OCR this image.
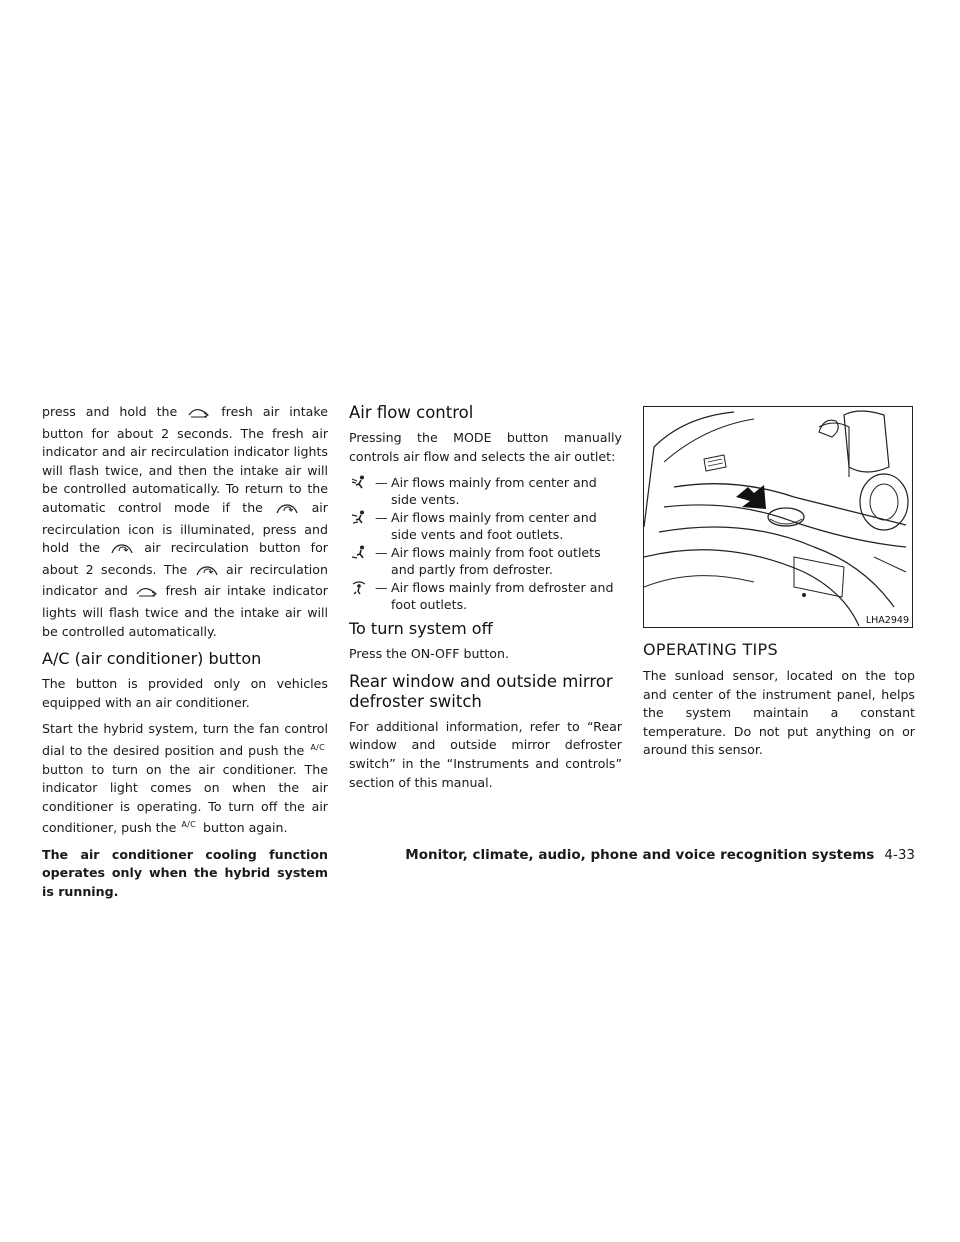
press and hold the	fresh air intake button for about 2 seconds. The fresh air indicator and air recirculation indicator lights will flash twice, and then the intake air will be controlled automatically. To return to the automatic control mode if the	air recirculation icon is illuminated, press and hold the	air recirculation button for about 2 seconds. The	air recirculation indicator and	fresh air intake indicator lights will flash twice and the intake air will be controlled automatically.

A/C (air conditioner) button

The button is provided only on vehicles equipped with an air conditioner.

Start the hybrid system, turn the fan control dial to the desired position and push the $^{A/C}$ button to turn on the air conditioner. The indicator light comes on when the air conditioner is operating. To turn off the air conditioner, push the $^{A/C}$ button again.

The air conditioner cooling function operates only when the hybrid system is running.

Air flow control

Pressing the MODE button manually controls air flow and selects the air outlet:

— Air flows mainly from center and side vents.
— Air flows mainly from center and side vents and foot outlets.
— Air flows mainly from foot outlets and partly from defroster.
— Air flows mainly from defroster and foot outlets.
To turn system off

Press the ON-OFF button.

Rear window and outside mirror defroster switch

For additional information, refer to “Rear window and outside mirror defroster switch” in the “Instruments and controls” section of this manual.

LHA2949
OPERATING TIPS

The sunload sensor, located on the top and center of the instrument panel, helps the system maintain a constant temperature. Do not put anything on or around this sensor.

Monitor, climate, audio, phone and voice recognition systems 4-33
